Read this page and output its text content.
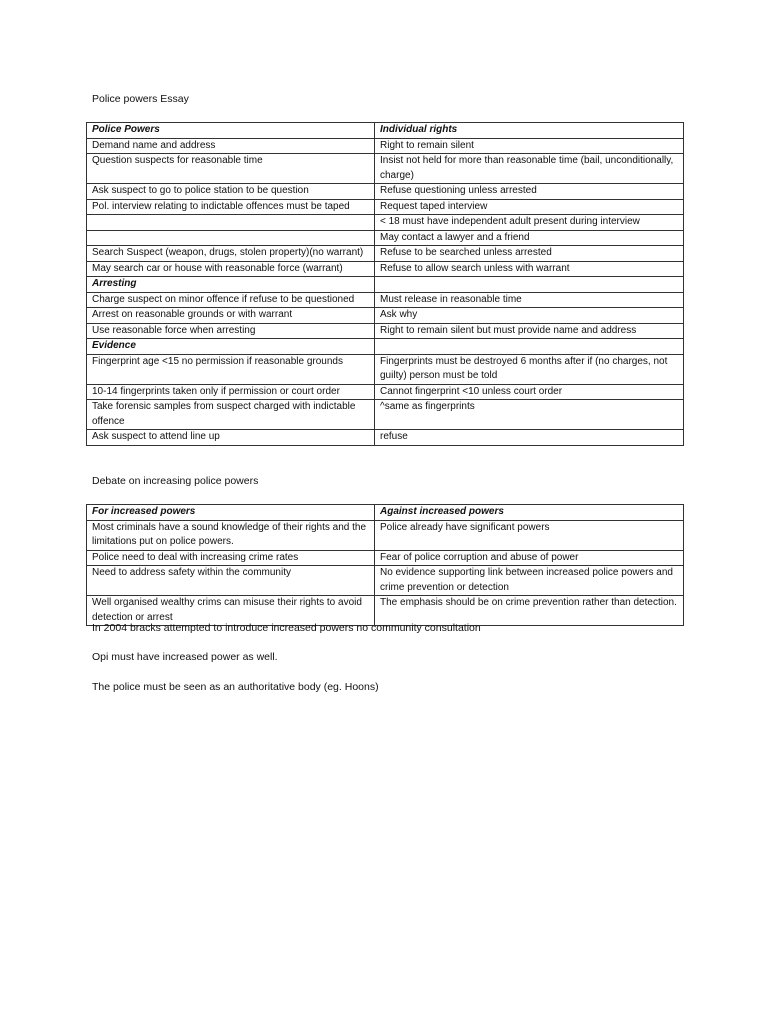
Police powers Essay
Police Powers	Individual rights
Demand name and address	Right to remain silent
Question suspects for reasonable time	Insist not held for more than reasonable time (bail, unconditionally, charge)
Ask suspect to go to police station to be question	Refuse questioning unless arrested
Pol. interview relating to indictable offences must be taped	Request taped interview
	< 18 must have independent adult present during interview
	May contact a lawyer and a friend
Search Suspect (weapon, drugs, stolen property)(no warrant)	Refuse to be searched unless arrested
May search car or house with reasonable force (warrant)	Refuse to allow search unless with warrant
Arresting	
Charge suspect on minor offence if refuse to be questioned	Must release in reasonable time
Arrest on reasonable grounds or with warrant	Ask why
Use reasonable force when arresting	Right to remain silent but must provide name and address
Evidence	
Fingerprint age <15 no permission if reasonable grounds	Fingerprints must be destroyed 6 months after if (no charges, not guilty) person must be told
10-14 fingerprints taken only if permission or court order	Cannot fingerprint <10 unless court order
Take forensic samples from suspect charged with indictable offence	^same as fingerprints
Ask suspect to attend line up	refuse
Debate on increasing police powers
For increased powers	Against increased powers
Most criminals have a sound knowledge of their rights and the limitations put on police powers.	Police already have significant powers
Police need to deal with increasing crime rates	Fear of police corruption and abuse of power
Need to address safety within the community	No evidence supporting link between increased police powers and crime prevention or detection
Well organised wealthy crims can misuse their rights to avoid detection or arrest	The emphasis should be on crime prevention rather than detection.
In 2004 bracks attempted to introduce increased powers no community consultation
Opi must have increased power as well.
The police must be seen as an authoritative body (eg. Hoons)
